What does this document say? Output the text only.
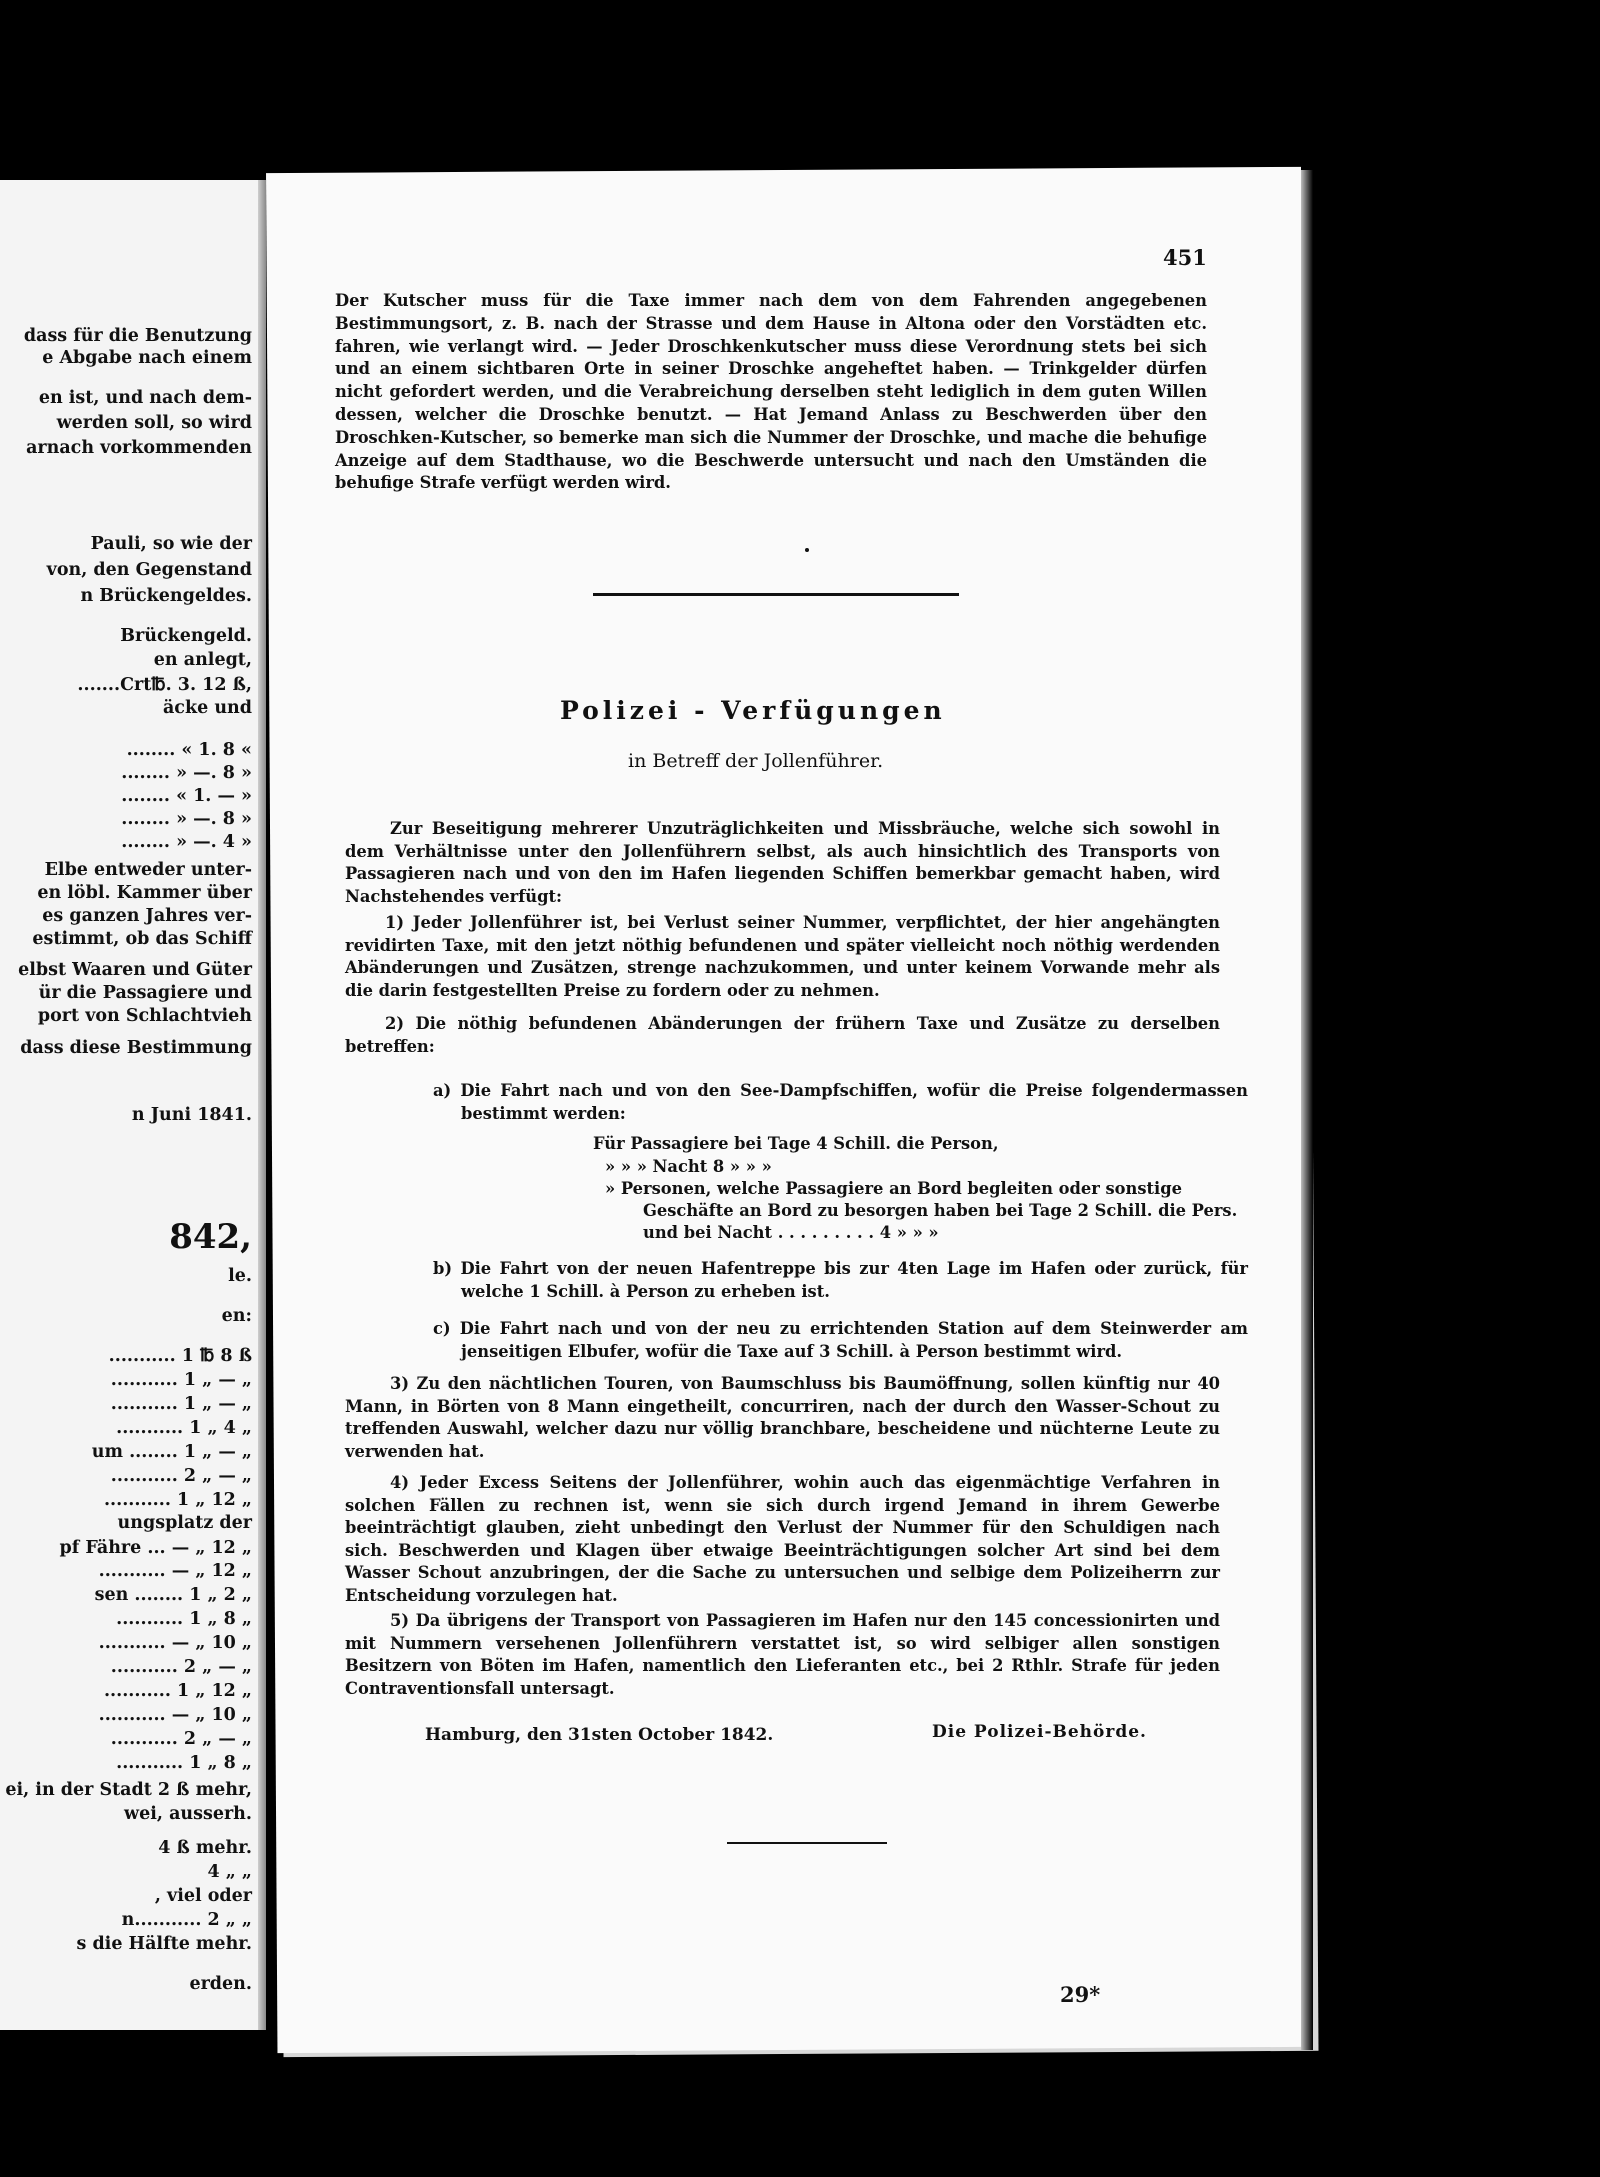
dass für die Benutzung
e Abgabe nach einem
en ist, und nach dem-
werden soll, so wird
arnach vorkommenden
Pauli, so wie der
von, den Gegenstand
n Brückengeldes.
Brückengeld.
en anlegt,
.......Crt℔. 3. 12 ß,
äcke und
........ « 1. 8 «
........ » —. 8 »
........ « 1. — »
........ » —. 8 »
........ » —. 4 »
Elbe entweder unter-
en löbl. Kammer über
es ganzen Jahres ver-
estimmt, ob das Schiff
elbst Waaren und Güter
ür die Passagiere und
port von Schlachtvieh
dass diese Bestimmung
n Juni 1841.
842,
le.
en:
........... 1 ℔ 8 ß
........... 1 „ — „
........... 1 „ — „
........... 1 „ 4 „
um ........ 1 „ — „
........... 2 „ — „
........... 1 „ 12 „
ungsplatz der
pf Fähre ... — „ 12 „
........... — „ 12 „
sen ........ 1 „ 2 „
........... 1 „ 8 „
........... — „ 10 „
........... 2 „ — „
........... 1 „ 12 „
........... — „ 10 „
........... 2 „ — „
........... 1 „ 8 „
ei, in der Stadt 2 ß mehr,
wei, ausserh.
4 ß mehr.
4 „ „
, viel oder
n........... 2 „ „
s die Hälfte mehr.
erden.
451
Der Kutscher muss für die Taxe immer nach dem von dem Fahrenden angegebenen Bestimmungsort, z. B. nach der Strasse und dem Hause in Altona oder den Vorstädten etc. fahren, wie verlangt wird. — Jeder Droschkenkutscher muss diese Verordnung stets bei sich und an einem sichtbaren Orte in seiner Droschke angeheftet haben. — Trinkgelder dürfen nicht gefordert werden, und die Verabreichung derselben steht lediglich in dem guten Willen dessen, welcher die Droschke benutzt. — Hat Jemand Anlass zu Beschwerden über den Droschken-Kutscher, so bemerke man sich die Nummer der Droschke, und mache die behufige Anzeige auf dem Stadthause, wo die Beschwerde untersucht und nach den Umständen die behufige Strafe verfügt werden wird.
Polizei - Verfügungen
in Betreff der Jollenführer.
Zur Beseitigung mehrerer Unzuträglichkeiten und Missbräuche, welche sich sowohl in dem Verhältnisse unter den Jollenführern selbst, als auch hinsichtlich des Transports von Passagieren nach und von den im Hafen liegenden Schiffen bemerkbar gemacht haben, wird Nachstehendes verfügt:
1) Jeder Jollenführer ist, bei Verlust seiner Nummer, verpflichtet, der hier angehängten revidirten Taxe, mit den jetzt nöthig befundenen und später vielleicht noch nöthig werdenden Abänderungen und Zusätzen, strenge nachzukommen, und unter keinem Vorwande mehr als die darin festgestellten Preise zu fordern oder zu nehmen.
2) Die nöthig befundenen Abänderungen der frühern Taxe und Zusätze zu derselben betreffen:
a) Die Fahrt nach und von den See-Dampfschiffen, wofür die Preise folgendermassen bestimmt werden:
Für Passagiere bei Tage 4 Schill. die Person,
» » » Nacht 8 » » »
» Personen, welche Passagiere an Bord begleiten oder sonstige
Geschäfte an Bord zu besorgen haben bei Tage 2 Schill. die Pers.
und bei Nacht . . . . . . . . . 4 » » »
b) Die Fahrt von der neuen Hafentreppe bis zur 4ten Lage im Hafen oder zurück, für welche 1 Schill. à Person zu erheben ist.
c) Die Fahrt nach und von der neu zu errichtenden Station auf dem Steinwerder am jenseitigen Elbufer, wofür die Taxe auf 3 Schill. à Person bestimmt wird.
3) Zu den nächtlichen Touren, von Baumschluss bis Baumöffnung, sollen künftig nur 40 Mann, in Börten von 8 Mann eingetheilt, concurriren, nach der durch den Wasser-Schout zu treffenden Auswahl, welcher dazu nur völlig branchbare, bescheidene und nüchterne Leute zu verwenden hat.
4) Jeder Excess Seitens der Jollenführer, wohin auch das eigenmächtige Verfahren in solchen Fällen zu rechnen ist, wenn sie sich durch irgend Jemand in ihrem Gewerbe beeinträchtigt glauben, zieht unbedingt den Verlust der Nummer für den Schuldigen nach sich. Beschwerden und Klagen über etwaige Beeinträchtigungen solcher Art sind bei dem Wasser Schout anzubringen, der die Sache zu untersuchen und selbige dem Polizeiherrn zur Entscheidung vorzulegen hat.
5) Da übrigens der Transport von Passagieren im Hafen nur den 145 concessionirten und mit Nummern versehenen Jollenführern verstattet ist, so wird selbiger allen sonstigen Besitzern von Böten im Hafen, namentlich den Lieferanten etc., bei 2 Rthlr. Strafe für jeden Contraventionsfall untersagt.
Hamburg, den 31sten October 1842.	Die Polizei-Behörde.
29*
